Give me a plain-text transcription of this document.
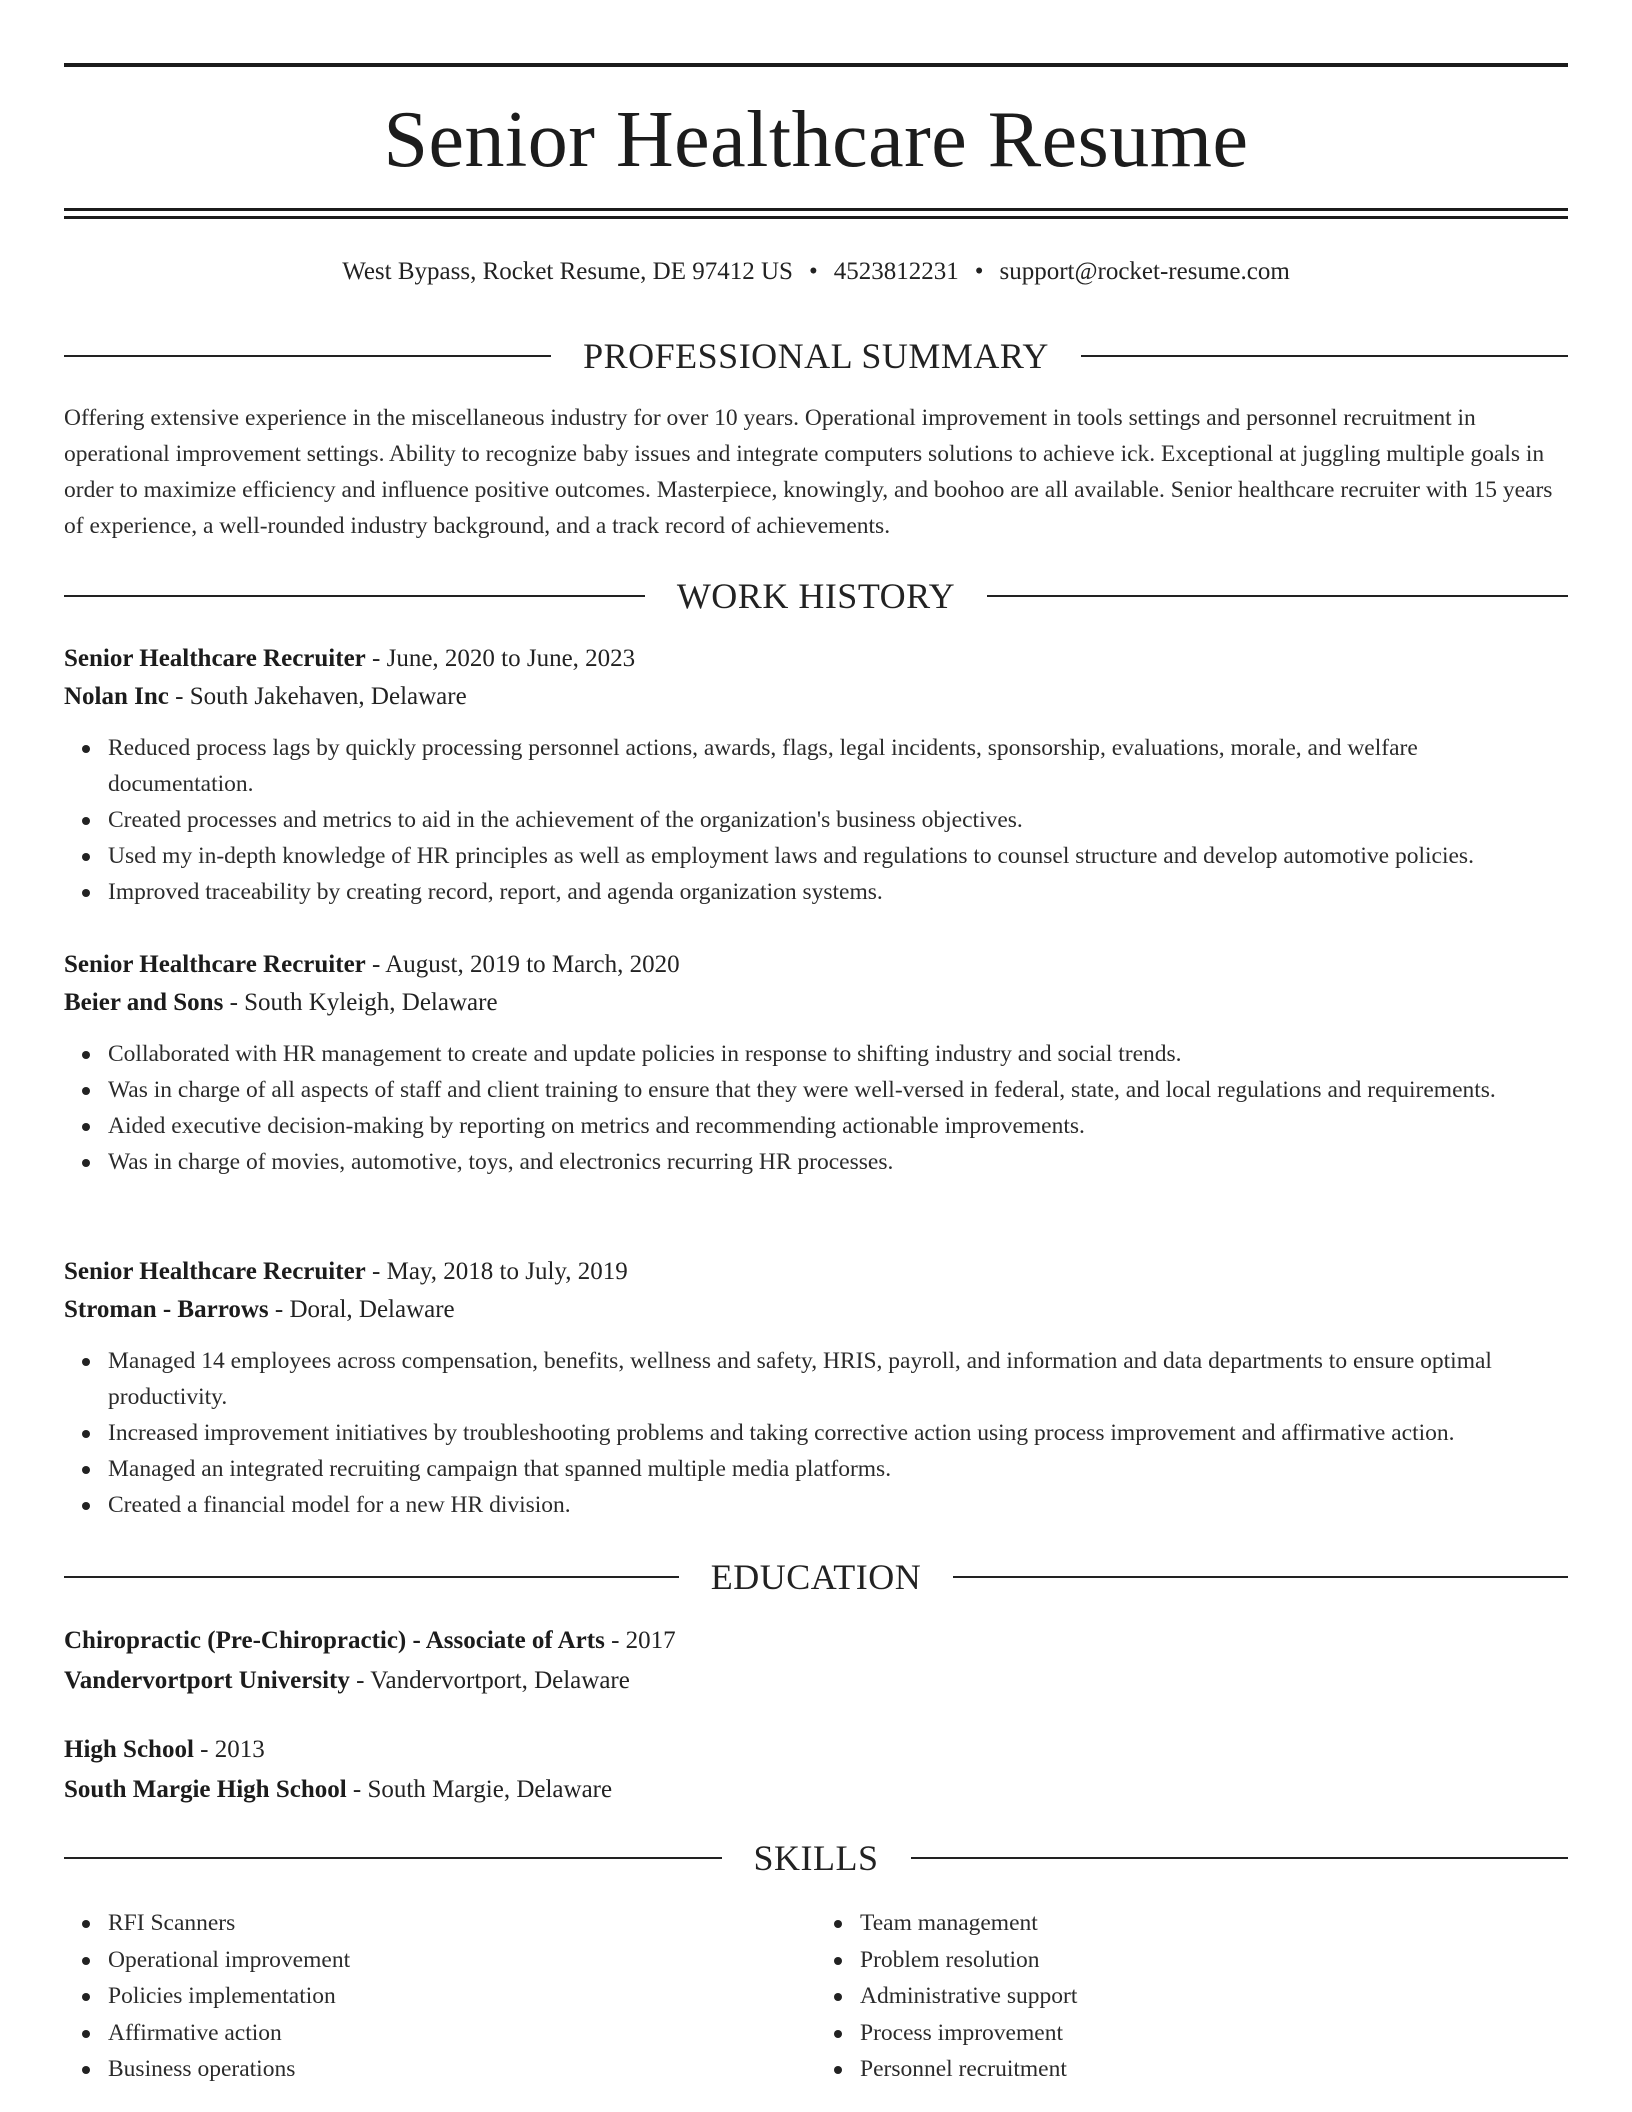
Senior Healthcare Resume
West Bypass, Rocket Resume, DE 97412 US • 4523812231 • support@rocket-resume.com
PROFESSIONAL SUMMARY

Offering extensive experience in the miscellaneous industry for over 10 years. Operational improvement in tools settings and personnel recruitment in operational improvement settings. Ability to recognize baby issues and integrate computers solutions to achieve ick. Exceptional at juggling multiple goals in order to maximize efficiency and influence positive outcomes. Masterpiece, knowingly, and boohoo are all available. Senior healthcare recruiter with 15 years of experience, a well-rounded industry background, and a track record of achievements.

WORK HISTORY
Senior Healthcare Recruiter - June, 2020 to June, 2023
Nolan Inc - South Jakehaven, Delaware
Reduced process lags by quickly processing personnel actions, awards, flags, legal incidents, sponsorship, evaluations, morale, and welfare documentation.
Created processes and metrics to aid in the achievement of the organization's business objectives.
Used my in-depth knowledge of HR principles as well as employment laws and regulations to counsel structure and develop automotive policies.
Improved traceability by creating record, report, and agenda organization systems.
Senior Healthcare Recruiter - August, 2019 to March, 2020
Beier and Sons - South Kyleigh, Delaware
Collaborated with HR management to create and update policies in response to shifting industry and social trends.
Was in charge of all aspects of staff and client training to ensure that they were well-versed in federal, state, and local regulations and requirements.
Aided executive decision-making by reporting on metrics and recommending actionable improvements.
Was in charge of movies, automotive, toys, and electronics recurring HR processes.
Senior Healthcare Recruiter - May, 2018 to July, 2019
Stroman - Barrows - Doral, Delaware
Managed 14 employees across compensation, benefits, wellness and safety, HRIS, payroll, and information and data departments to ensure optimal productivity.
Increased improvement initiatives by troubleshooting problems and taking corrective action using process improvement and affirmative action.
Managed an integrated recruiting campaign that spanned multiple media platforms.
Created a financial model for a new HR division.
EDUCATION
Chiropractic (Pre-Chiropractic) - Associate of Arts - 2017
Vandervortport University - Vandervortport, Delaware
High School - 2013
South Margie High School - South Margie, Delaware
SKILLS
RFI Scanners
Operational improvement
Policies implementation
Affirmative action
Business operations
Team management
Problem resolution
Administrative support
Process improvement
Personnel recruitment
